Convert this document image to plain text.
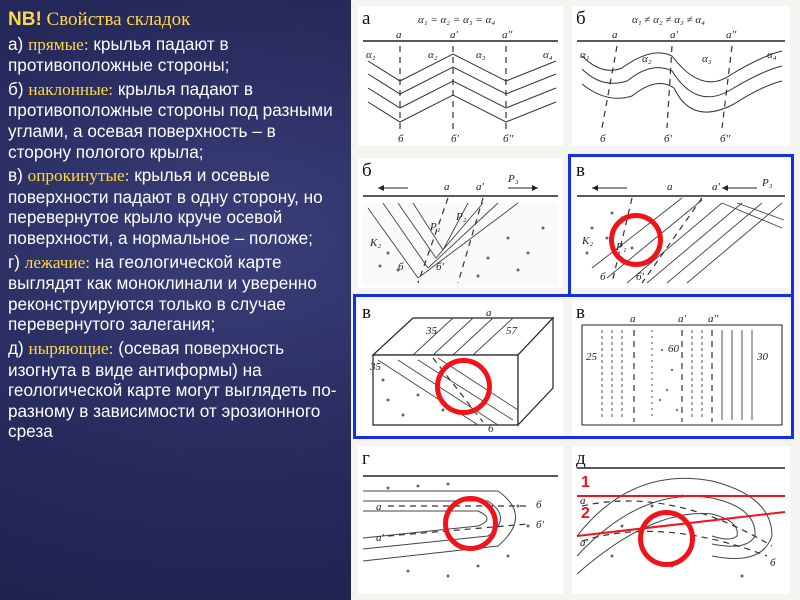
NB! Свойства складок

а) прямые: крылья падают в противоположные стороны;

б) наклонные: крылья падают в противоположные стороны под разными углами, а осевая поверхность – в сторону пологого крыла;

в) опрокинутые: крылья и осевые поверхности падают в одну сторону, но перевернутое крыло круче осевой поверхности, а нормальное – положе;

г) лежачие: на геологической карте выглядят как моноклинали и уверенно реконструируются только в случае перевернутого залегания;

д) ныряющие: (осевая поверхность изогнута в виде антиформы) на геологической карте могут выглядеть по-разному в зависимости от эрозионного среза

α₁ = α₂ = α₃ = α₄
a	a'	a''
б	б'	б''
α₁	α₂	α₃	α₄
а	α₁ ≠ α₂ ≠ α₃ ≠ α₄
a	a'	a''
б	б'	б''
α₁	α₂	α₃	α₄
б
a a'
P₃
P₁
P₂
K₂
б	б'
б
a	a'	P₃
P₁
K₂
б	б'
в
35
35
57
a
б
в
25
60
30
a	a' a''
в
a
a'
б
б'
г
a
a'
б
д
1
2
